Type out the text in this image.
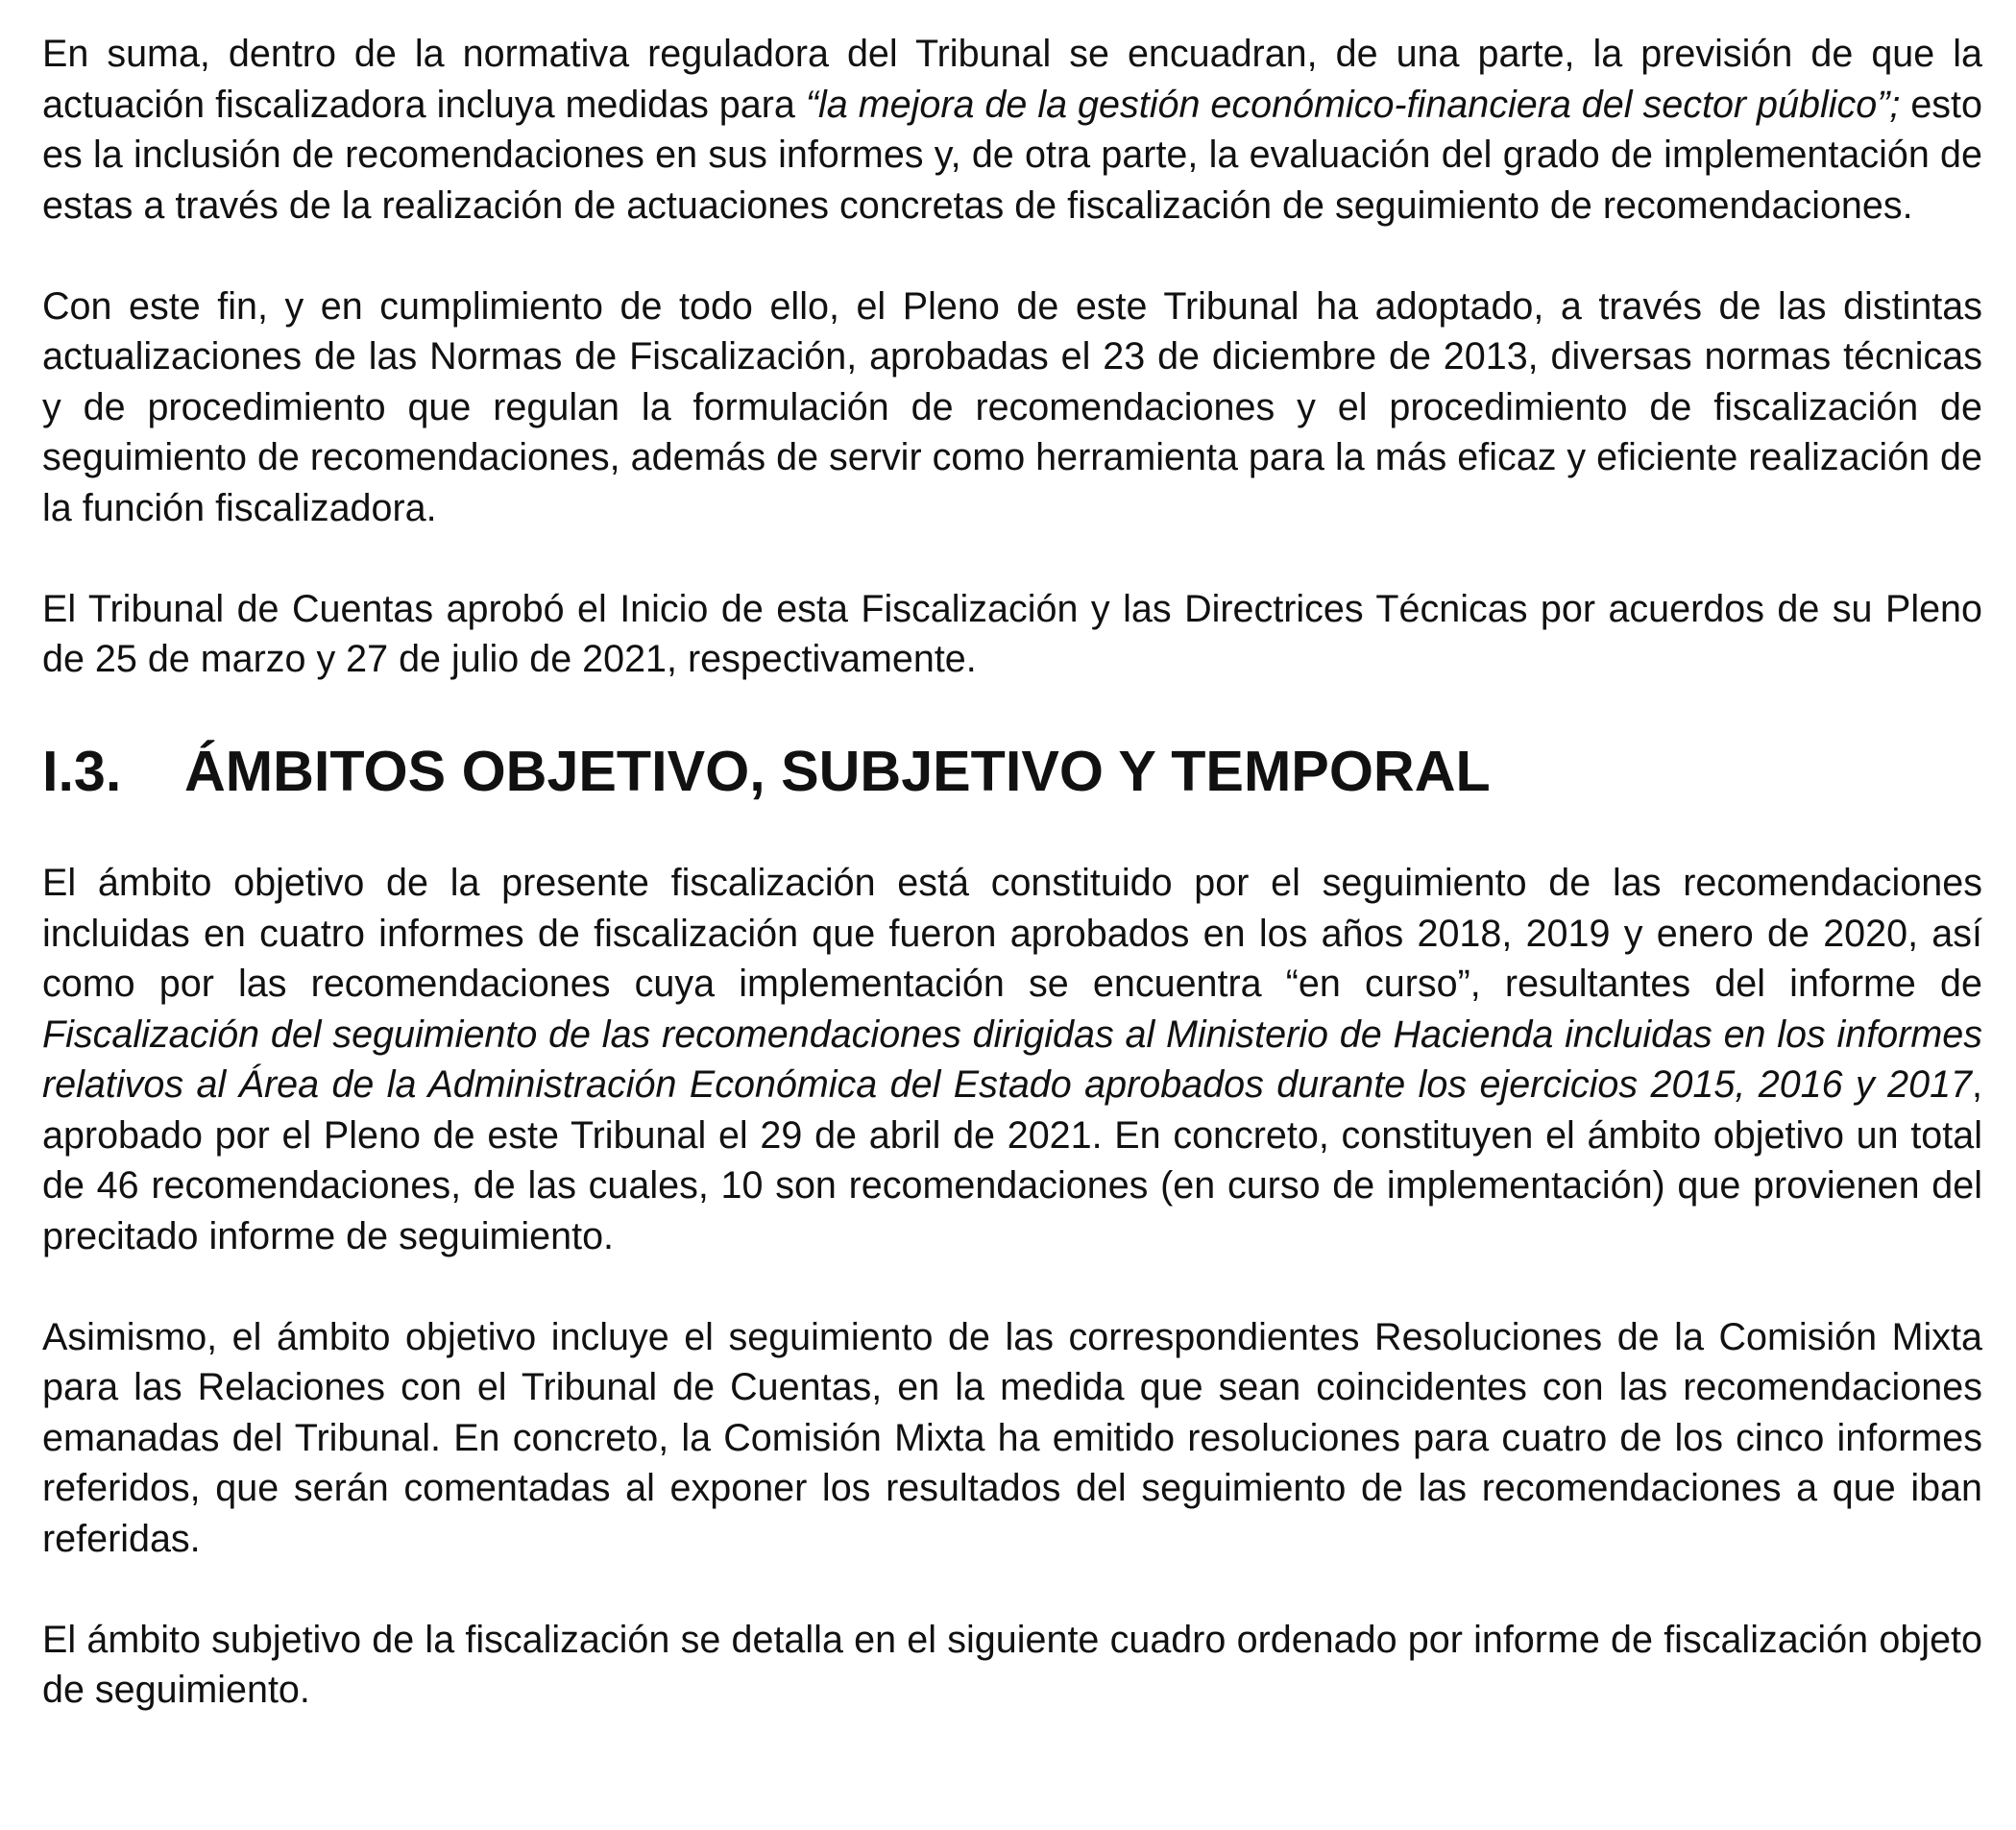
En suma, dentro de la normativa reguladora del Tribunal se encuadran, de una parte, la previsión de que la actuación fiscalizadora incluya medidas para “la mejora de la gestión económico-financiera del sector público”; esto es la inclusión de recomendaciones en sus informes y, de otra parte, la evaluación del grado de implementación de estas a través de la realización de actuaciones concretas de fiscalización de seguimiento de recomendaciones.

Con este fin, y en cumplimiento de todo ello, el Pleno de este Tribunal ha adoptado, a través de las distintas actualizaciones de las Normas de Fiscalización, aprobadas el 23 de diciembre de 2013, diversas normas técnicas y de procedimiento que regulan la formulación de recomendaciones y el procedimiento de fiscalización de seguimiento de recomendaciones, además de servir como herramienta para la más eficaz y eficiente realización de la función fiscalizadora.

El Tribunal de Cuentas aprobó el Inicio de esta Fiscalización y las Directrices Técnicas por acuerdos de su Pleno de 25 de marzo y 27 de julio de 2021, respectivamente.

I.3.	ÁMBITOS OBJETIVO, SUBJETIVO Y TEMPORAL

El ámbito objetivo de la presente fiscalización está constituido por el seguimiento de las recomendaciones incluidas en cuatro informes de fiscalización que fueron aprobados en los años 2018, 2019 y enero de 2020, así como por las recomendaciones cuya implementación se encuentra “en curso”, resultantes del informe de Fiscalización del seguimiento de las recomendaciones dirigidas al Ministerio de Hacienda incluidas en los informes relativos al Área de la Administración Económica del Estado aprobados durante los ejercicios 2015, 2016 y 2017, aprobado por el Pleno de este Tribunal el 29 de abril de 2021. En concreto, constituyen el ámbito objetivo un total de 46 recomendaciones, de las cuales, 10 son recomendaciones (en curso de implementación) que provienen del precitado informe de seguimiento.

Asimismo, el ámbito objetivo incluye el seguimiento de las correspondientes Resoluciones de la Comisión Mixta para las Relaciones con el Tribunal de Cuentas, en la medida que sean coincidentes con las recomendaciones emanadas del Tribunal. En concreto, la Comisión Mixta ha emitido resoluciones para cuatro de los cinco informes referidos, que serán comentadas al exponer los resultados del seguimiento de las recomendaciones a que iban referidas.

El ámbito subjetivo de la fiscalización se detalla en el siguiente cuadro ordenado por informe de fiscalización objeto de seguimiento.
